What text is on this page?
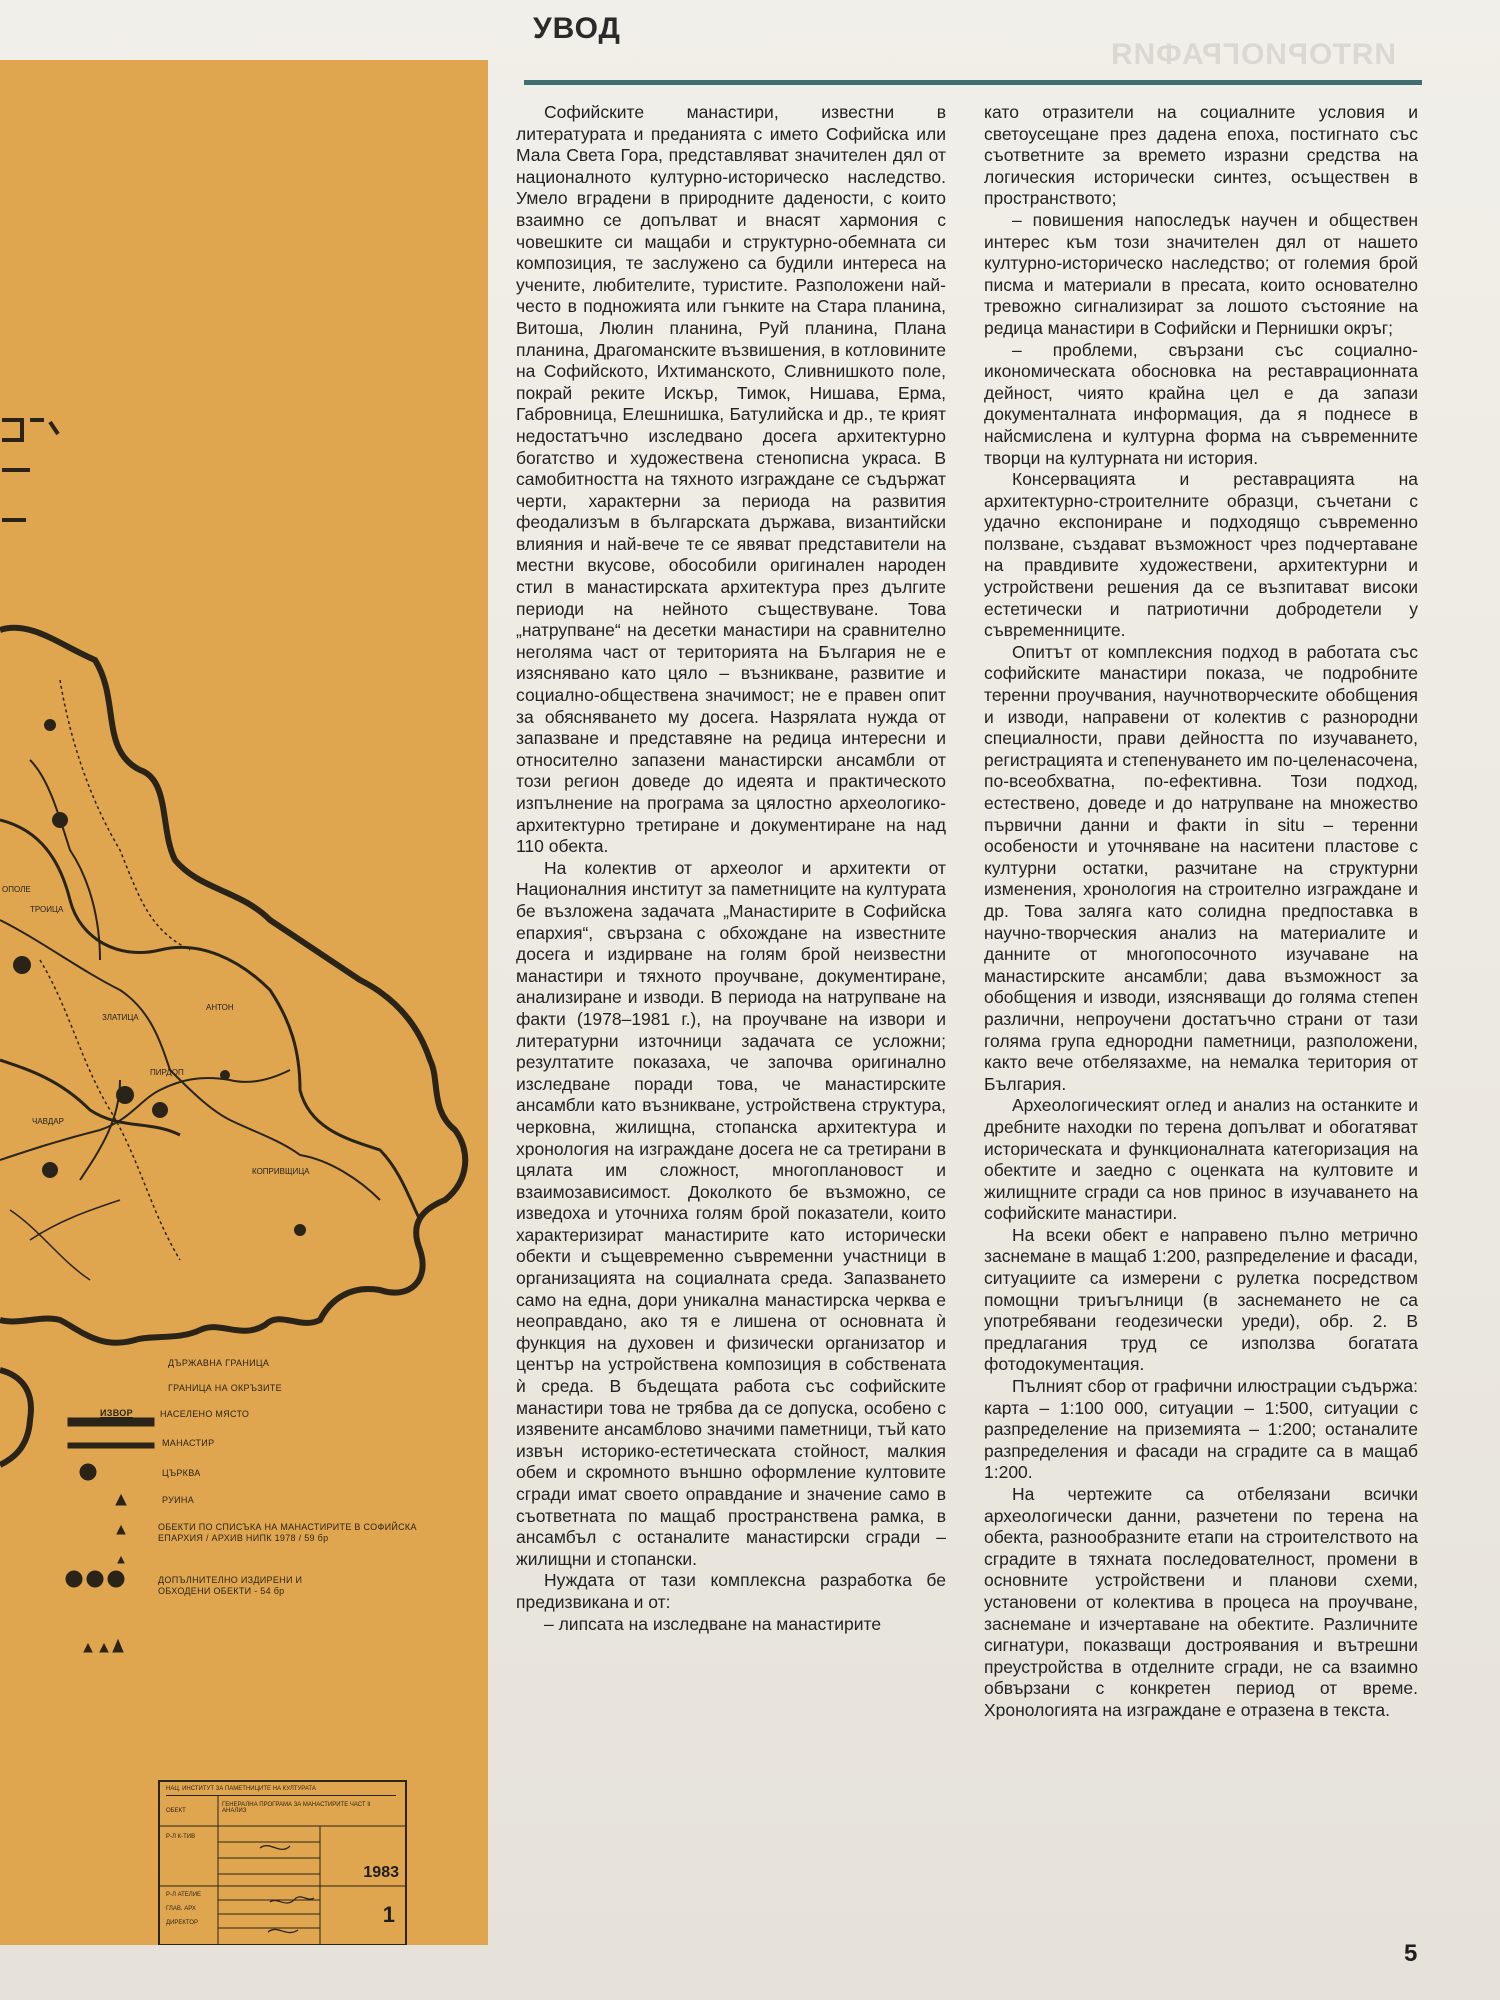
ИЯТОРИОГРАФИЯ
УВОД
ЗЛАТИЦА
АНТОН
ПИРДОП
ЧАВДАР
КОПРИВЩИЦА
ТРОИЦА
ОПОЛЕ
ДЪРЖАВНА ГРАНИЦА
ГРАНИЦА НА ОКРЪЗИТЕ
ИЗВОР	НАСЕЛЕНО МЯСТО
МАНАСТИР
ЦЪРКВА
РУИНА
ОБЕКТИ ПО СПИСЪКА НА МАНАСТИРИТЕ В СОФИЙСКА ЕПАРХИЯ / АРХИВ НИПК 1978 / 59 бр
ДОПЪЛНИТЕЛНО ИЗДИРЕНИ И ОБХОДЕНИ ОБЕКТИ - 54 бр
НАЦ. ИНСТИТУТ ЗА ПАМЕТНИЦИТЕ НА КУЛТУРАТА
ОБЕКТ
ГЕНЕРАЛНА ПРОГРАМА ЗА МАНАСТИРИТЕ ЧАСТ II АНАЛИЗ
Р-Л К-ТИВ
Р-Л АТЕЛИЕ
ГЛАВ. АРХ
ДИРЕКТОР
1983
1

Софийските манастири, известни в литературата и преданията с името Софийска или Мала Света Гора, представляват значителен дял от националното културно-историческо наследство. Умело вградени в природните дадености, с които взаимно се допълват и внасят хармония с човешките си мащаби и структурно-обемната си композиция, те заслужено са будили интереса на учените, любителите, туристите. Разположени най-често в подножията или гънките на Стара планина, Витоша, Люлин планина, Руй планина, Плана планина, Драгоманските възвишения, в котловините на Софийското, Ихтиманското, Сливнишкото поле, покрай реките Искър, Тимок, Нишава, Ерма, Габровница, Елешнишка, Батулийска и др., те крият недостатъчно изследвано досега архитектурно богатство и художествена стенописна украса. В самобитността на тяхното изграждане се съдържат черти, характерни за периода на развития феодализъм в българската държава, византийски влияния и най-вече те се явяват представители на местни вкусове, обособили оригинален народен стил в манастирската архитектура през дългите периоди на нейното съществуване. Това „натрупване“ на десетки манастири на сравнително неголяма част от територията на България не е изяснявано като цяло – възникване, развитие и социално-обществена значимост; не е правен опит за обясняването му досега. Назрялата нужда от запазване и представяне на редица интересни и относително запазени манастирски ансамбли от този регион доведе до идеята и практическото изпълнение на програма за цялостно археологико-архитектурно третиране и документиране на над 110 обекта.

На колектив от археолог и архитекти от Националния институт за паметниците на културата бе възложена задачата „Манастирите в Софийска епархия“, свързана с обхождане на известните досега и издирване на голям брой неизвестни манастири и тяхното проучване, документиране, анализиране и изводи. В периода на натрупване на факти (1978–1981 г.), на проучване на извори и литературни източници задачата се усложни; резултатите показаха, че започва оригинално изследване поради това, че манастирските ансамбли като възникване, устройствена структура, черковна, жилищна, стопанска архитектура и хронология на изграждане досега не са третирани в цялата им сложност, многоплановост и взаимозависимост. Доколкото бе възможно, се изведоха и уточниха голям брой показатели, които характеризират манастирите като исторически обекти и същевременно съвременни участници в организацията на социалната среда. Запазването само на една, дори уникална манастирска черква е неоправдано, ако тя е лишена от основната ѝ функция на духовен и физически организатор и център на устройствена композиция в собствената ѝ среда. В бъдещата работа със софийските манастири това не трябва да се допуска, особено с изявените ансамблово значими паметници, тъй като извън историко-естетическата стойност, малкия обем и скромното външно оформление култовите сгради имат своето оправдание и значение само в съответната по мащаб пространствена рамка, в ансамбъл с останалите манастирски сгради – жилищни и стопански.

Нуждата от тази комплексна разработка бе предизвикана и от:

– липсата на изследване на манастирите

като отразители на социалните условия и светоусещане през дадена епоха, постигнато със съответните за времето изразни средства на логическия исторически синтез, осъществен в пространството;

– повишения напоследък научен и обществен интерес към този значителен дял от нашето културно-историческо наследство; от големия брой писма и материали в пресата, които основателно тревожно сигнализират за лошото състояние на редица манастири в Софийски и Пернишки окръг;

– проблеми, свързани със социално-икономическата обосновка на реставрационната дейност, чиято крайна цел е да запази документалната информация, да я поднесе в найсмислена и културна форма на съвременните творци на културната ни история.

Консервацията и реставрацията на архитектурно-строителните образци, съчетани с удачно експониране и подходящо съвременно ползване, създават възможност чрез подчертаване на правдивите художествени, архитектурни и устройствени решения да се възпитават високи естетически и патриотични добродетели у съвременниците.

Опитът от комплексния подход в работата със софийските манастири показа, че подробните теренни проучвания, научнотворческите обобщения и изводи, направени от колектив с разнородни специалности, прави дейността по изучаването, регистрацията и степенуването им по-целенасочена, по-всеобхватна, по-ефективна. Този подход, естествено, доведе и до натрупване на множество първични данни и факти in situ – теренни особености и уточняване на наситени пластове с културни остатки, разчитане на структурни изменения, хронология на строително изграждане и др. Това залягa като солидна предпоставка в научно-творческия анализ на материалите и данните от многопосочното изучаване на манастирските ансамбли; дава възможност за обобщения и изводи, изясняващи до голяма степен различни, непроучени достатъчно страни от тази голяма група еднородни паметници, разположени, както вече отбелязахме, на немалка територия от България.

Археологическият оглед и анализ на останките и дребните находки по терена допълват и обогатяват историческата и функционалната категоризация на обектите и заедно с оценката на култовите и жилищните сгради са нов принос в изучаването на софийските манастири.

На всеки обект е направено пълно метрично заснемане в мащаб 1:200, разпределение и фасади, ситуациите са измерени с рулетка посредством помощни триъгълници (в заснемането не са употребявани геодезически уреди), обр. 2. В предлагания труд се използва богатата фотодокументация.

Пълният сбор от графични илюстрации съдържа: карта – 1:100 000, ситуации – 1:500, ситуации с разпределение на приземията – 1:200; останалите разпределения и фасади на сградите са в мащаб 1:200.

На чертежите са отбелязани всички археологически данни, разчетени по терена на обекта, разнообразните етапи на строителството на сградите в тяхната последователност, промени в основните устройствени и планови схеми, установени от колектива в процеса на проучване, заснемане и изчертаване на обектите. Различните сигнатури, показващи достроявания и вътрешни преустройства в отделните сгради, не са взаимно обвързани с конкретен период от време. Хронологията на изграждане е отразена в текста.

5
